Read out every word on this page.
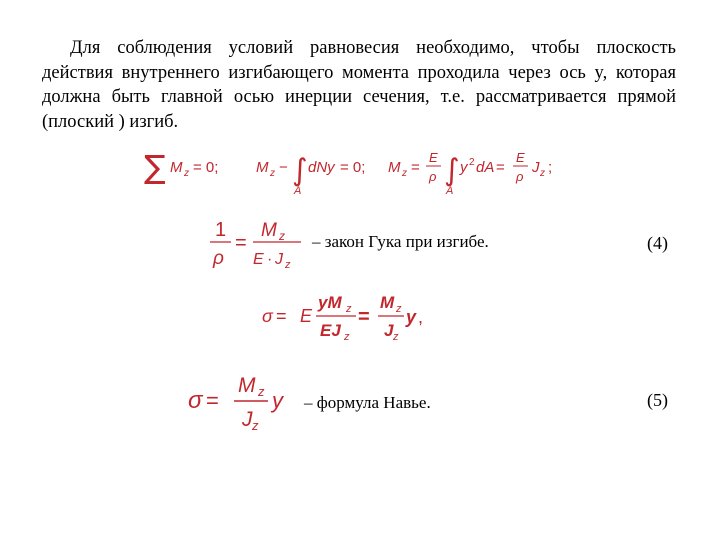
Для соблюдения условий равновесия необходимо, чтобы плоскость действия внутреннего изгибающего момента проходила через ось y, которая должна быть главной осью инерции сечения, т.е. рассматривается прямой (плоский ) изгиб.
∑ M z = 0;	M z − ∫
A
dNy = 0; M z =
E
ρ ∫
A
y 2 dA =
E
ρ
J z ;
1
ρ
=
M z
E · J z
– закон Гука при изгибе.	(4)
σ = E
yM z
EJ z
=
M z
J z
y ,
σ =
M z
J z
y – формула Навье.	(5)
